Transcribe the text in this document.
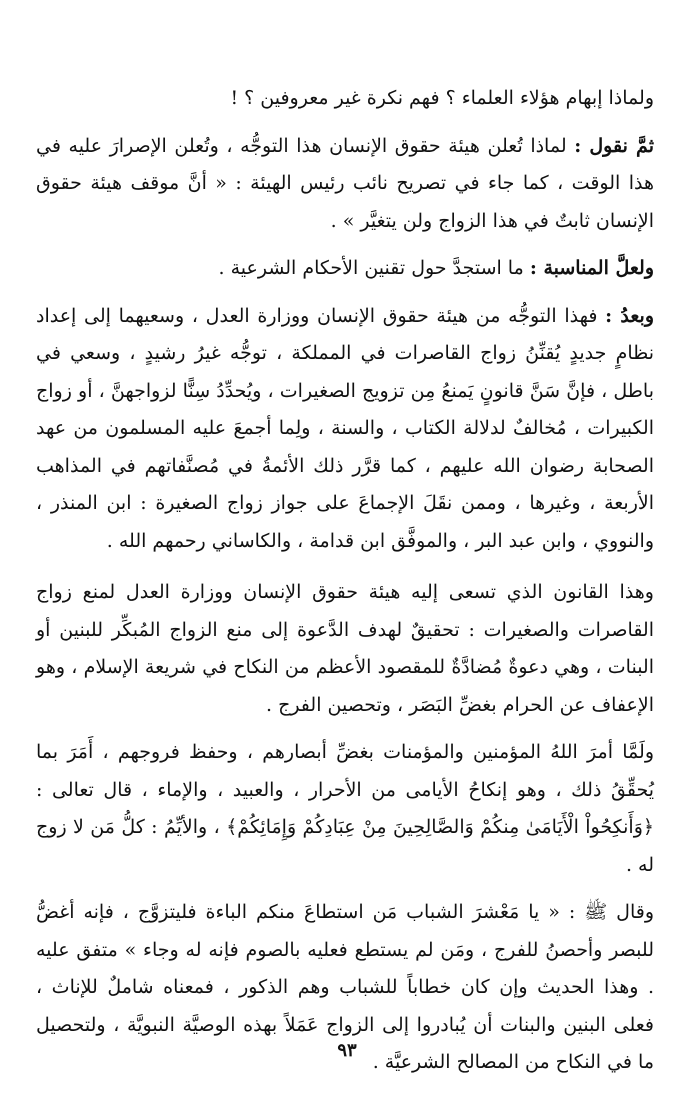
ولماذا إبهام هؤلاء العلماء ؟ فهم نكرة غير معروفين ؟ !

ثمَّ نقول : لماذا تُعلن هيئة حقوق الإنسان هذا التوجُّه ، وتُعلن الإصرارَ عليه في هذا الوقت ، كما جاء في تصريح نائب رئيس الهيئة : « أنَّ موقف هيئة حقوق الإنسان ثابتٌ في هذا الزواج ولن يتغيَّر » .

ولعلَّ المناسبة : ما استجدَّ حول تقنين الأحكام الشرعية .

وبعدُ : فهذا التوجُّه من هيئة حقوق الإنسان ووزارة العدل ، وسعيهما إلى إعداد نظامٍ جديدٍ يُقنِّنُ زواج القاصرات في المملكة ، توجُّه غيرُ رشيدٍ ، وسعي في باطل ، فإنَّ سَنَّ قانونٍ يَمنعُ مِن تزويج الصغيرات ، ويُحدِّدُ سِنًّا لزواجهنَّ ، أو زواج الكبيرات ، مُخالفٌ لدلالة الكتاب ، والسنة ، ولِما أجمعَ عليه المسلمون من عهد الصحابة رضوان الله عليهم ، كما قرَّر ذلك الأئمةُ في مُصنَّفاتهم في المذاهب الأربعة ، وغيرها ، وممن نقَلَ الإجماعَ على جواز زواج الصغيرة : ابن المنذر ، والنووي ، وابن عبد البر ، والموفَّق ابن قدامة ، والكاساني رحمهم الله .

وهذا القانون الذي تسعى إليه هيئة حقوق الإنسان ووزارة العدل لمنع زواج القاصرات والصغيرات : تحقيقٌ لهدف الدَّعوة إلى منع الزواج المُبكِّر للبنين أو البنات ، وهي دعوةٌ مُضادَّةٌ للمقصود الأعظم من النكاح في شريعة الإسلام ، وهو الإعفاف عن الحرام بغضِّ البَصَر ، وتحصين الفرج .

ولَمَّا أمرَ اللهُ المؤمنين والمؤمنات بغضِّ أبصارهم ، وحفظ فروجهم ، أَمَرَ بما يُحقِّقُ ذلك ، وهو إنكاحُ الأيامى من الأحرار ، والعبيد ، والإماء ، قال تعالى : ﴿وَأَنكِحُواْ الْأَيَامَىٰ مِنكُمْ وَالصَّالِحِينَ مِنْ عِبَادِكُمْ وَإِمَائِكُمْ﴾ ، والأيِّمُ : كلُّ مَن لا زوج له .

وقال ﷺ : « يا مَعْشرَ الشباب مَن استطاعَ منكم الباءة فليتزوَّج ، فإنه أغضُّ للبصر وأحصنُ للفرج ، ومَن لم يستطع فعليه بالصوم فإنه له وجاء » متفق عليه . وهذا الحديث وإن كان خطاباً للشباب وهم الذكور ، فمعناه شاملٌ للإناث ، فعلى البنين والبنات أن يُبادروا إلى الزواج عَمَلاً بهذه الوصيَّة النبويَّة ، ولتحصيل ما في النكاح من المصالح الشرعيَّة .

٩٣
